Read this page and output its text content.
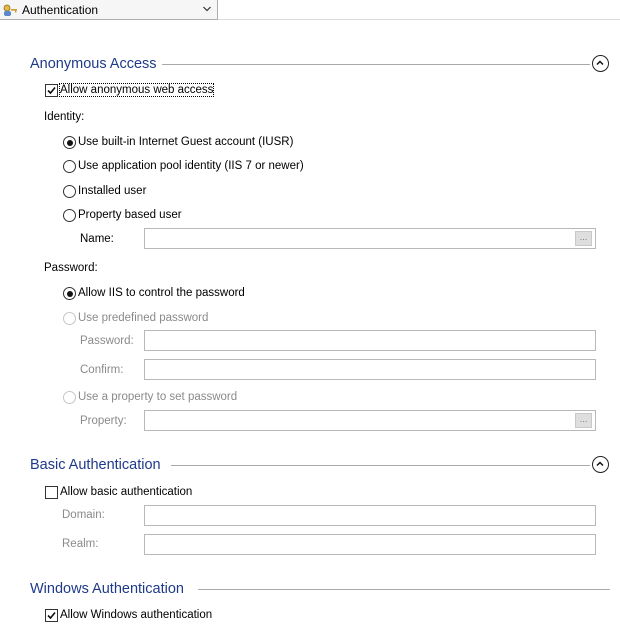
Authentication
Anonymous Access
Allow anonymous web access
Identity:
Use built-in Internet Guest account (IUSR)
Use application pool identity (IIS 7 or newer)
Installed user
Property based user
Name:	...
Password:
Allow IIS to control the password
Use predefined password
Password:
Confirm:
Use a property to set password
Property:	...
Basic Authentication
Allow basic authentication
Domain:
Realm:
Windows Authentication
Allow Windows authentication
